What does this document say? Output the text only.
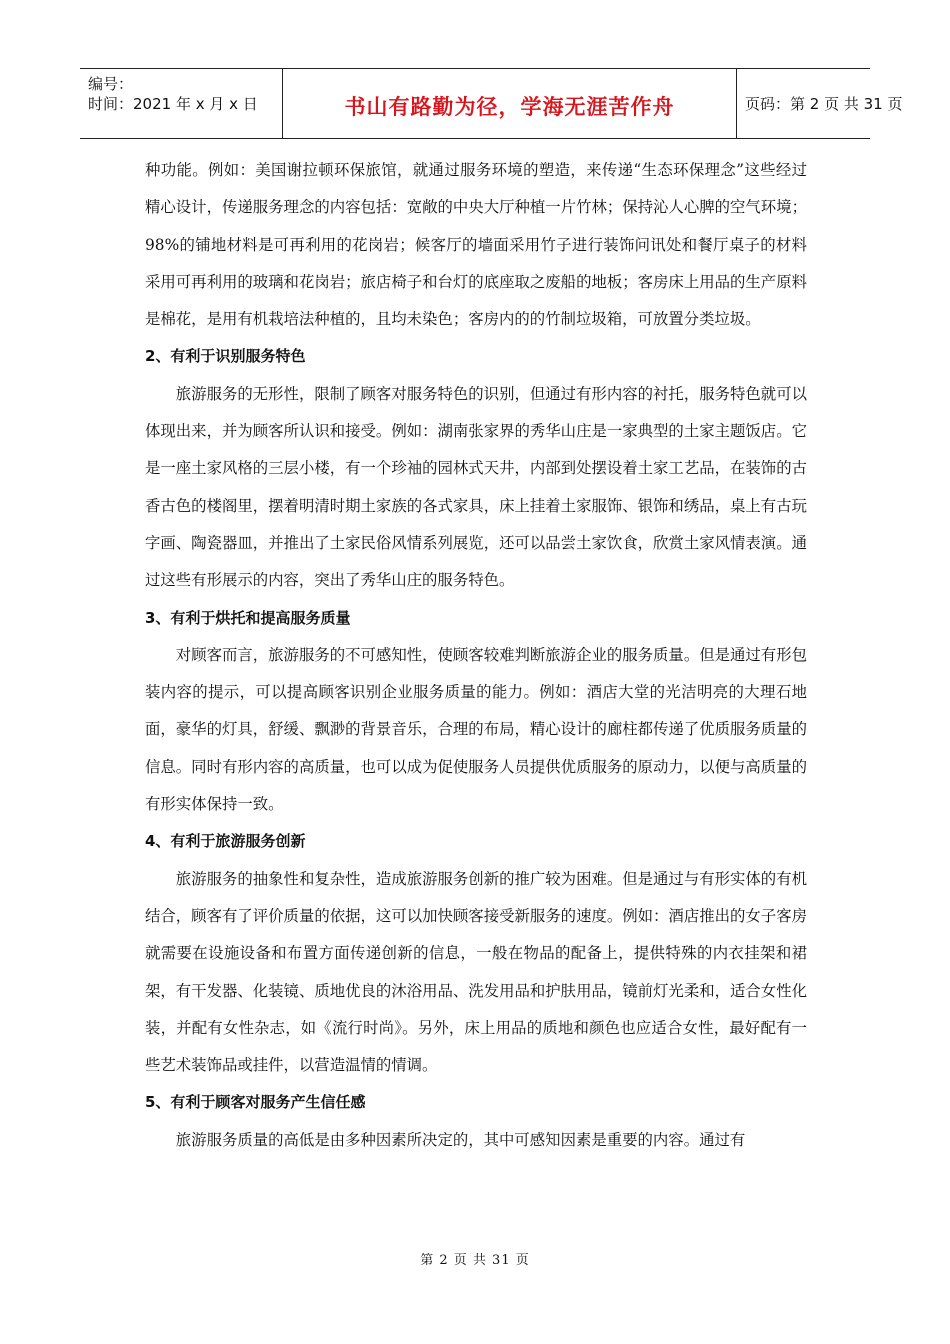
编号：
时间：2021 年 x 月 x 日	书山有路勤为径，学海无涯苦作舟	页码：第 2 页 共 31 页

种功能。例如：美国谢拉顿环保旅馆，就通过服务环境的塑造，来传递“生态环保理念”这些经过精心设计，传递服务理念的内容包括：宽敞的中央大厅种植一片竹林；保持沁人心脾的空气环境；98%的铺地材料是可再利用的花岗岩；候客厅的墙面采用竹子进行装饰问讯处和餐厅桌子的材料采用可再利用的玻璃和花岗岩；旅店椅子和台灯的底座取之废船的地板；客房床上用品的生产原料是棉花，是用有机栽培法种植的，且均未染色；客房内的的竹制垃圾箱，可放置分类垃圾。

2、有利于识别服务特色

旅游服务的无形性，限制了顾客对服务特色的识别，但通过有形内容的衬托，服务特色就可以体现出来，并为顾客所认识和接受。例如：湖南张家界的秀华山庄是一家典型的土家主题饭店。它是一座土家风格的三层小楼，有一个珍袖的园林式天井，内部到处摆设着土家工艺品，在装饰的古香古色的楼阁里，摆着明清时期土家族的各式家具，床上挂着土家服饰、银饰和绣品，桌上有古玩字画、陶瓷器皿，并推出了土家民俗风情系列展览，还可以品尝土家饮食，欣赏土家风情表演。通过这些有形展示的内容，突出了秀华山庄的服务特色。

3、有利于烘托和提高服务质量

对顾客而言，旅游服务的不可感知性，使顾客较难判断旅游企业的服务质量。但是通过有形包装内容的提示，可以提高顾客识别企业服务质量的能力。例如：酒店大堂的光洁明亮的大理石地面，豪华的灯具，舒缓、飘渺的背景音乐，合理的布局，精心设计的廊柱都传递了优质服务质量的信息。同时有形内容的高质量，也可以成为促使服务人员提供优质服务的原动力，以便与高质量的有形实体保持一致。

4、有利于旅游服务创新

旅游服务的抽象性和复杂性，造成旅游服务创新的推广较为困难。但是通过与有形实体的有机结合，顾客有了评价质量的依据，这可以加快顾客接受新服务的速度。例如：酒店推出的女子客房就需要在设施设备和布置方面传递创新的信息，一般在物品的配备上，提供特殊的内衣挂架和裙架，有干发器、化装镜、质地优良的沐浴用品、洗发用品和护肤用品，镜前灯光柔和，适合女性化装，并配有女性杂志，如《流行时尚》。另外，床上用品的质地和颜色也应适合女性，最好配有一些艺术装饰品或挂件，以营造温情的情调。

5、有利于顾客对服务产生信任感

旅游服务质量的高低是由多种因素所决定的，其中可感知因素是重要的内容。通过有

第 2 页 共 31 页
